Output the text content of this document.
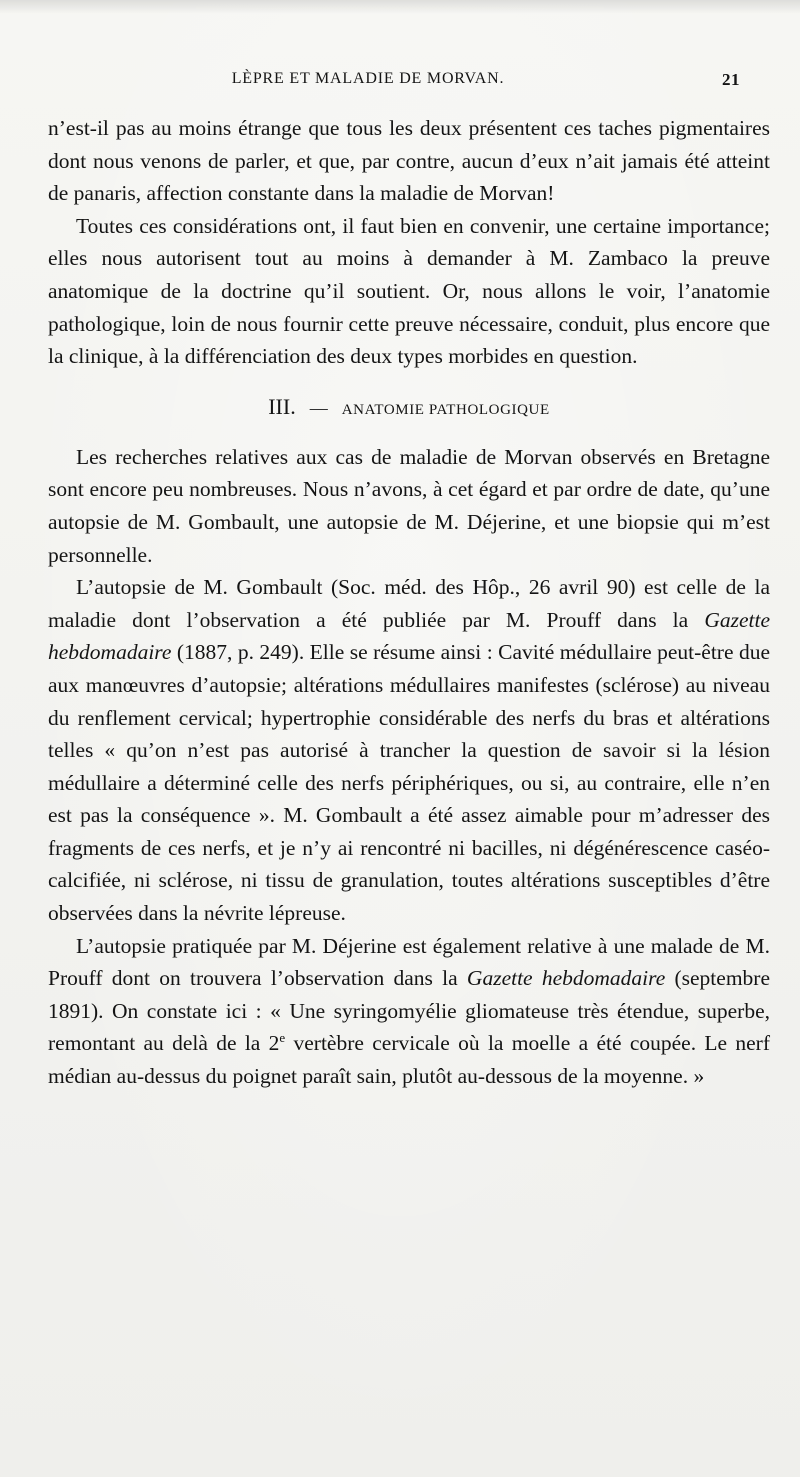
LÈPRE ET MALADIE DE MORVAN.	21

n’est-il pas au moins étrange que tous les deux présentent ces taches pigmentaires dont nous venons de parler, et que, par contre, aucun d’eux n’ait jamais été atteint de panaris, affection constante dans la maladie de Morvan!

Toutes ces considérations ont, il faut bien en convenir, une certaine importance; elles nous autorisent tout au moins à demander à M. Zambaco la preuve anatomique de la doctrine qu’il soutient. Or, nous allons le voir, l’anatomie pathologique, loin de nous fournir cette preuve nécessaire, conduit, plus encore que la clinique, à la différenciation des deux types morbides en question.

III. — ANATOMIE PATHOLOGIQUE

Les recherches relatives aux cas de maladie de Morvan observés en Bretagne sont encore peu nombreuses. Nous n’avons, à cet égard et par ordre de date, qu’une autopsie de M. Gombault, une autopsie de M. Déjerine, et une biopsie qui m’est personnelle.

L’autopsie de M. Gombault (Soc. méd. des Hôp., 26 avril 90) est celle de la maladie dont l’observation a été publiée par M. Prouff dans la Gazette hebdomadaire (1887, p. 249). Elle se résume ainsi : Cavité médullaire peut-être due aux manœuvres d’autopsie; altérations médullaires manifestes (sclérose) au niveau du renflement cervical; hypertrophie considérable des nerfs du bras et altérations telles « qu’on n’est pas autorisé à trancher la question de savoir si la lésion médullaire a déterminé celle des nerfs périphériques, ou si, au contraire, elle n’en est pas la conséquence ». M. Gombault a été assez aimable pour m’adresser des fragments de ces nerfs, et je n’y ai rencontré ni bacilles, ni dégénérescence caséo-calcifiée, ni sclérose, ni tissu de granulation, toutes altérations susceptibles d’être observées dans la névrite lépreuse.

L’autopsie pratiquée par M. Déjerine est également relative à une malade de M. Prouff dont on trouvera l’observation dans la Gazette hebdomadaire (septembre 1891). On constate ici : « Une syringomyélie gliomateuse très étendue, superbe, remontant au delà de la 2e vertèbre cervicale où la moelle a été coupée. Le nerf médian au-dessus du poignet paraît sain, plutôt au-dessous de la moyenne. »
